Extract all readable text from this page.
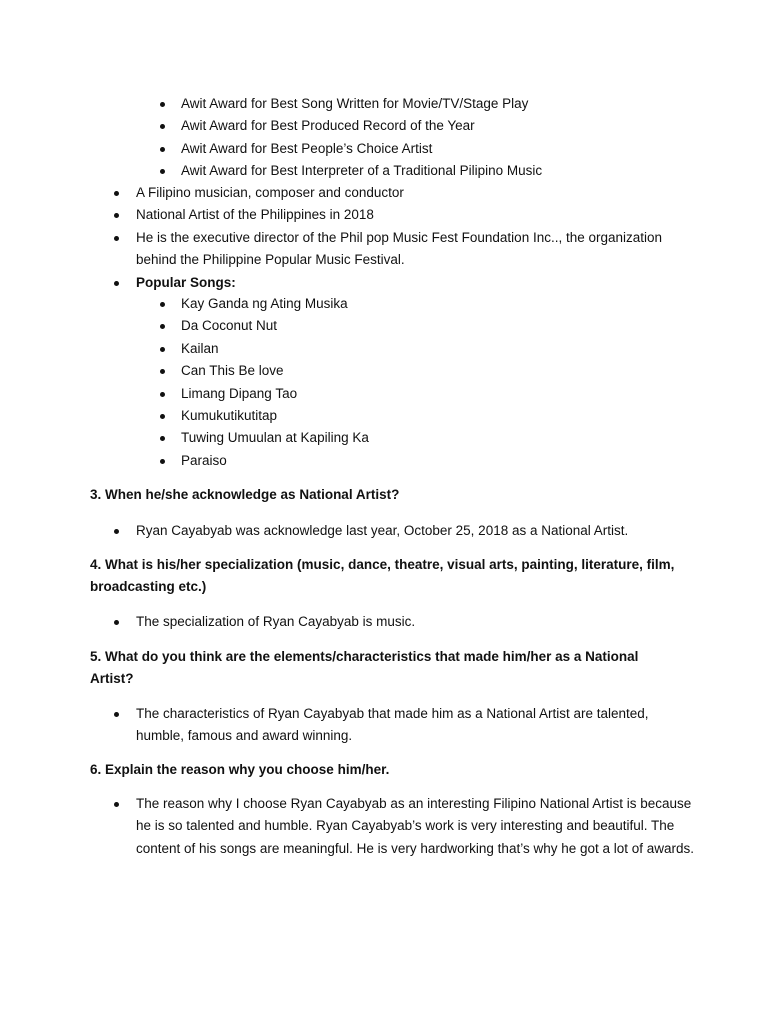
Awit Award for Best Song Written for Movie/TV/Stage Play
Awit Award for Best Produced Record of the Year
Awit Award for Best People’s Choice Artist
Awit Award for Best Interpreter of a Traditional Pilipino Music
A Filipino musician, composer and conductor
National Artist of the Philippines in 2018
He is the executive director of the Phil pop Music Fest Foundation Inc.., the organization behind the Philippine Popular Music Festival.
Popular Songs:
Kay Ganda ng Ating Musika
Da Coconut Nut
Kailan
Can This Be love
Limang Dipang Tao
Kumukutikutitap
Tuwing Umuulan at Kapiling Ka
Paraiso
3. When he/she acknowledge as National Artist?
Ryan Cayabyab was acknowledge last year, October 25, 2018 as a National Artist.
4. What is his/her specialization (music, dance, theatre, visual arts, painting, literature, film, broadcasting etc.)
The specialization of Ryan Cayabyab is music.
5. What do you think are the elements/characteristics that made him/her as a National Artist?
The characteristics of Ryan Cayabyab that made him as a National Artist are talented, humble, famous and award winning.
6. Explain the reason why you choose him/her.
The reason why I choose Ryan Cayabyab as an interesting Filipino National Artist is because he is so talented and humble. Ryan Cayabyab’s work is very interesting and beautiful. The content of his songs are meaningful. He is very hardworking that’s why he got a lot of awards.
